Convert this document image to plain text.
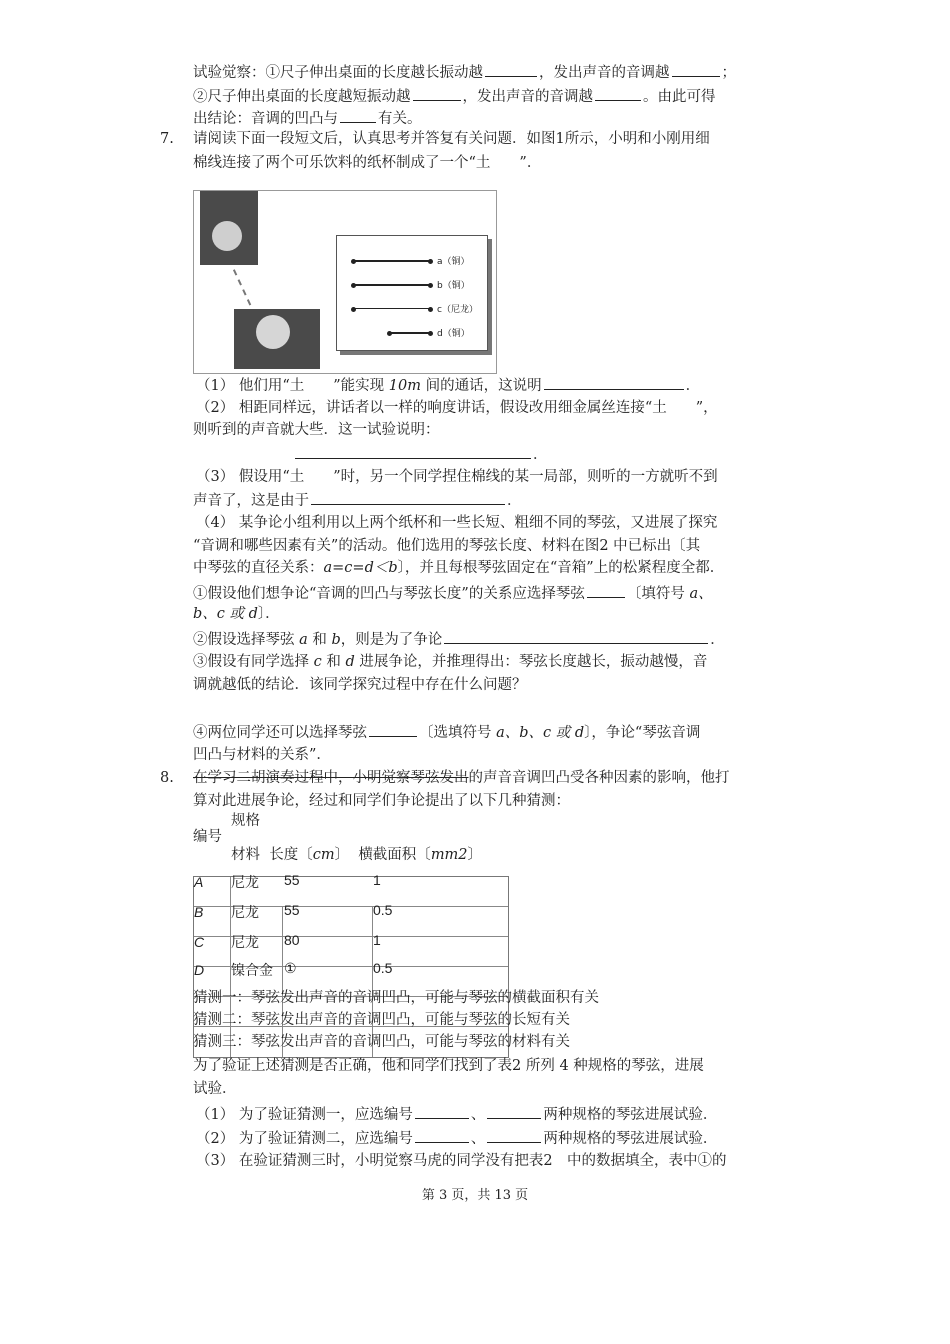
试验觉察：①尺子伸出桌面的长度越长振动越	，发出声音的音调越	；
②尺子伸出桌面的长度越短振动越	，发出声音的音调越	。由此可得
出结论：音调的凹凸与	有关。
7. 请阅读下面一段短文后，认真思考并答复有关问题．如图1所示，小明和小刚用细
棉线连接了两个可乐饮料的纸杯制成了一个“土　　”．
a（铜）
b（铜）
c（尼龙）
d（铜）
（1） 他们用“土　　”能实现 10m 间的通话，这说明	．
（2） 相距同样远，讲话者以一样的响度讲话，假设改用细金属丝连接“土　　”，
则听到的声音就大些．这一试验说明：
．
（3） 假设用“土　　”时，另一个同学捏住棉线的某一局部，则听的一方就听不到
声音了，这是由于	．
（4） 某争论小组利用以上两个纸杯和一些长短、粗细不同的琴弦，又进展了探究
“音调和哪些因素有关”的活动。他们选用的琴弦长度、材料在图2 中已标出〔其
中琴弦的直径关系：a=c=d＜b〕，并且每根琴弦固定在“音箱”上的松紧程度全都．
①假设他们想争论“音调的凹凸与琴弦长度”的关系应选择琴弦	〔填符号 a、
b、c 或 d〕．
②假设选择琴弦 a 和 b，则是为了争论	．
③假设有同学选择 c 和 d 进展争论，并推理得出：琴弦长度越长，振动越慢，音
调就越低的结论．该同学探究过程中存在什么问题？
④两位同学还可以选择琴弦	〔选填符号 a、b、c 或 d〕，争论“琴弦音调
凹凸与材料的关系”．
8. 在学习二胡演奏过程中，小明觉察琴弦发出的声音音调凹凸受各种因素的影响，他打
算对此进展争论，经过和同学们争论提出了以下几种猜测：
规格
编号
材料 长度〔cm〕 横截面积〔mm2〕
A 尼龙 55	1
B 尼龙 55	0.5
C 尼龙 80	1
D 镍合金 ①	0.5
猜测一：琴弦发出声音的音调凹凸，可能与琴弦的横截面积有关
猜测二：琴弦发出声音的音调凹凸，可能与琴弦的长短有关
猜测三：琴弦发出声音的音调凹凸，可能与琴弦的材料有关
为了验证上述猜测是否正确，他和同学们找到了表2 所列 4 种规格的琴弦，进展
试验．
（1） 为了验证猜测一，应选编号	、	两种规格的琴弦进展试验．
（2） 为了验证猜测二，应选编号	、	两种规格的琴弦进展试验．
（3） 在验证猜测三时，小明觉察马虎的同学没有把表2　中的数据填全，表中①的
第 3 页，共 13 页
